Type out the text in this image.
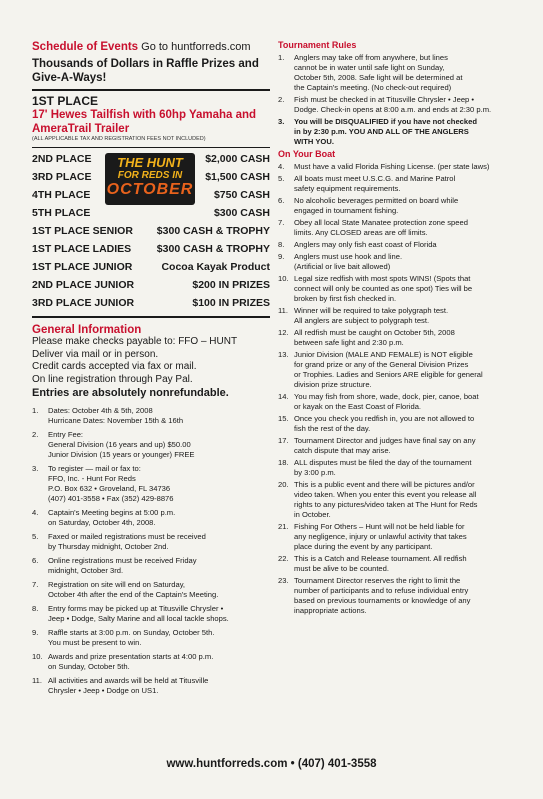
Schedule of Events Go to huntforreds.com
Thousands of Dollars in Raffle Prizes and Give-A-Ways!
1ST PLACE
17' Hewes Tailfish with 60hp Yamaha and AmeraTrail Trailer
(ALL APPLICABLE TAX AND REGISTRATION FEES NOT INCLUDED)
THE HUNT
FOR REDS IN
OCTOBER
2ND PLACE	$2,000 CASH
3RD PLACE	$1,500 CASH
4TH PLACE	$750 CASH
5TH PLACE	$300 CASH
1ST PLACE SENIOR $300 CASH & TROPHY
1ST PLACE LADIES $300 CASH & TROPHY
1ST PLACE JUNIOR	Cocoa Kayak Product
2ND PLACE JUNIOR	$200 IN PRIZES
3RD PLACE JUNIOR	$100 IN PRIZES
General Information
Please make checks payable to: FFO – HUNT
Deliver via mail or in person.
Credit cards accepted via fax or mail.
On line registration through Pay Pal.
Entries are absolutely nonrefundable.
1.	Dates: October 4th & 5th, 2008
Hurricane Dates: November 15th & 16th
2.	Entry Fee:
General Division (16 years and up) $50.00
Junior Division (15 years or younger) FREE
3.	To register — mail or fax to:
FFO, Inc. - Hunt For Reds
P.O. Box 632 • Groveland, FL 34736
(407) 401-3558 • Fax (352) 429-8876
4.	Captain's Meeting begins at 5:00 p.m.
on Saturday, October 4th, 2008.
5.	Faxed or mailed registrations must be received
by Thursday midnight, October 2nd.
6.	Online registrations must be received Friday
midnight, October 3rd.
7.	Registration on site will end on Saturday,
October 4th after the end of the Captain's Meeting.
8.	Entry forms may be picked up at Titusville Chrysler •
Jeep • Dodge, Salty Marine and all local tackle shops.
9.	Raffle starts at 3:00 p.m. on Sunday, October 5th.
You must be present to win.
10. Awards and prize presentation starts at 4:00 p.m.
on Sunday, October 5th.
11. All activities and awards will be held at Titusville
Chrysler • Jeep • Dodge on US1.
Tournament Rules
1.	Anglers may take off from anywhere, but lines
cannot be in water until safe light on Sunday,
October 5th, 2008. Safe light will be determined at
the Captain's meeting. (No check-out required)
2.	Fish must be checked in at Titusville Chrysler • Jeep •
Dodge. Check-in opens at 8:00 a.m. and ends at 2:30 p.m.
3.	You will be DISQUALIFIED if you have not checked
in by 2:30 p.m. YOU AND ALL OF THE ANGLERS
WITH YOU.
On Your Boat
4.	Must have a valid Florida Fishing License. (per state laws)
5.	All boats must meet U.S.C.G. and Marine Patrol
safety equipment requirements.
6.	No alcoholic beverages permitted on board while
engaged in tournament fishing.
7.	Obey all local State Manatee protection zone speed
limits. Any CLOSED areas are off limits.
8.	Anglers may only fish east coast of Florida
9.	Anglers must use hook and line.
(Artificial or live bait allowed)
10. Legal size redfish with most spots WINS! (Spots that
connect will only be counted as one spot) Ties will be
broken by first fish checked in.
11. Winner will be required to take polygraph test.
All anglers are subject to polygraph test.
12. All redfish must be caught on October 5th, 2008
between safe light and 2:30 p.m.
13. Junior Division (MALE AND FEMALE) is NOT eligible
for grand prize or any of the General Division Prizes
or Trophies. Ladies and Seniors ARE eligible for general
division prize structure.
14. You may fish from shore, wade, dock, pier, canoe, boat
or kayak on the East Coast of Florida.
15. Once you check you redfish in, you are not allowed to
fish the rest of the day.
17. Tournament Director and judges have final say on any
catch dispute that may arise.
18. ALL disputes must be filed the day of the tournament
by 3:00 p.m.
20. This is a public event and there will be pictures and/or
video taken. When you enter this event you release all
rights to any pictures/video taken at The Hunt for Reds
in October.
21. Fishing For Others – Hunt will not be held liable for
any negligence, injury or unlawful activity that takes
place during the event by any participant.
22. This is a Catch and Release tournament. All redfish
must be alive to be counted.
23. Tournament Director reserves the right to limit the
number of participants and to refuse individual entry
based on previous tournaments or knowledge of any
inappropriate actions.
www.huntforreds.com • (407) 401-3558
